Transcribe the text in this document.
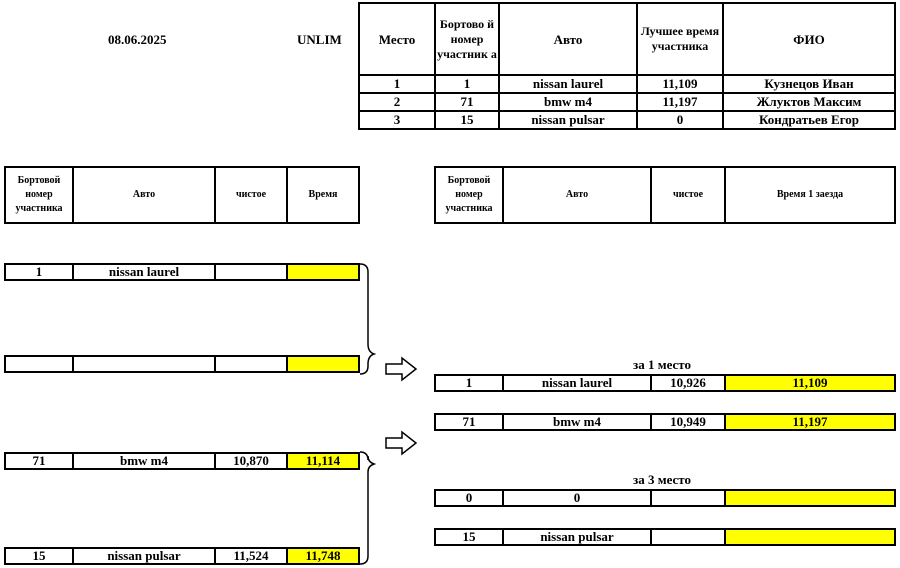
08.06.2025	UNLIM	Место	Бортово й номер участник а	Авто	Лучшее время участника	ФИО
1	1	nissan laurel	11,109	Кузнецов Иван
2	71	bmw m4	11,197	Жлуктов Максим
3	15	nissan pulsar	0	Кондратьев Егор
Бортовой номер участника	Авто	чистое	Время
Бортовой номер участника	Авто	чистое	Время 1 заезда
1	nissan laurel		

71	bmw m4	10,870	11,114
15	nissan pulsar	11,524	11,748
за 1 место
за 3 место
1	nissan laurel	10,926	11,109
71	bmw m4	10,949	11,197
0	0		
15	nissan pulsar		
